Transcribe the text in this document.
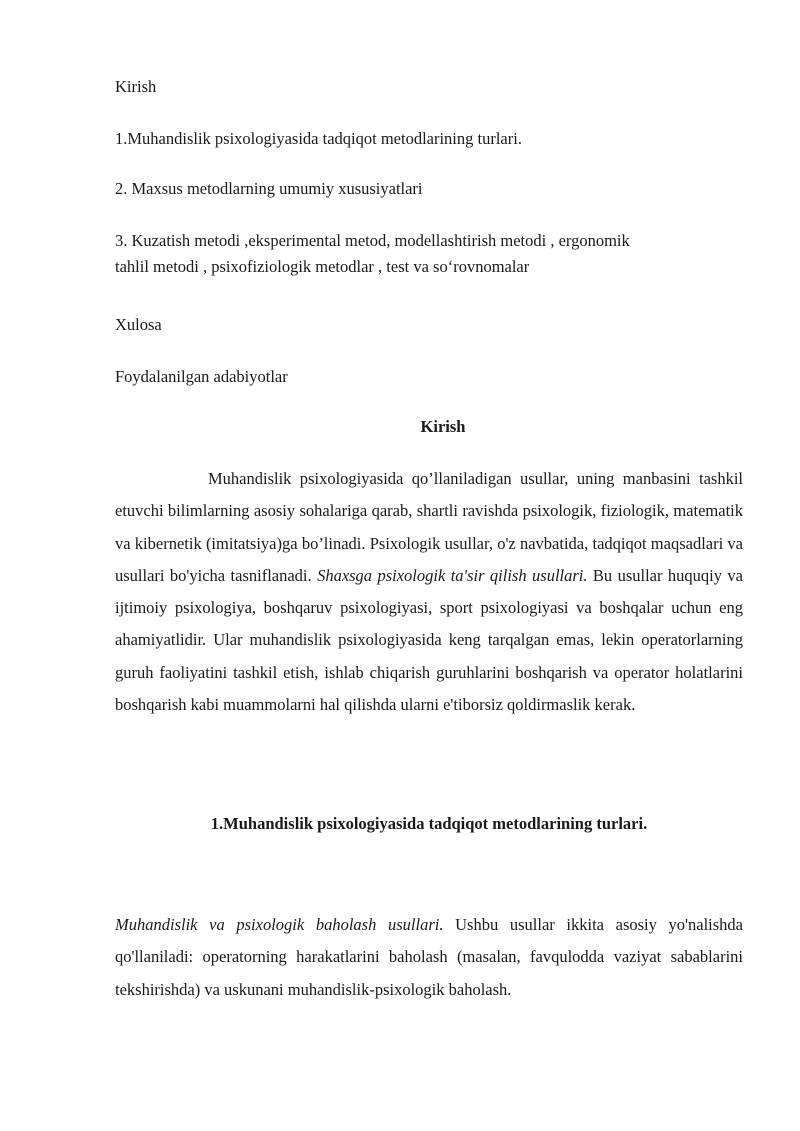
Kirish
1.Muhandislik psixologiyasida tadqiqot metodlarining turlari.
2. Maxsus metodlarning umumiy xususiyatlari
3. Kuzatish metodi ,eksperimental metod, modellashtirish metodi , ergonomik
tahlil metodi , psixofiziologik metodlar , test va so‘rovnomalar
Xulosa
Foydalanilgan adabiyotlar
Kirish

Muhandislik psixologiyasida qo’llaniladigan usullar, uning manbasini tashkil etuvchi bilimlarning asosiy sohalariga qarab, shartli ravishda psixologik, fiziologik, matematik va kibernetik (imitatsiya)ga bo’linadi. Psixologik usullar, o'z navbatida, tadqiqot maqsadlari va usullari bo'yicha tasniflanadi. Shaxsga psixologik ta'sir qilish usullari. Bu usullar huquqiy va ijtimoiy psixologiya, boshqaruv psixologiyasi, sport psixologiyasi va boshqalar uchun eng ahamiyatlidir. Ular muhandislik psixologiyasida keng tarqalgan emas, lekin operatorlarning guruh faoliyatini tashkil etish, ishlab chiqarish guruhlarini boshqarish va operator holatlarini boshqarish kabi muammolarni hal qilishda ularni e'tiborsiz qoldirmaslik kerak.

1.Muhandislik psixologiyasida tadqiqot metodlarining turlari.

Muhandislik va psixologik baholash usullari. Ushbu usullar ikkita asosiy yo'nalishda qo'llaniladi: operatorning harakatlarini baholash (masalan, favqulodda vaziyat sabablarini tekshirishda) va uskunani muhandislik-psixologik baholash.
